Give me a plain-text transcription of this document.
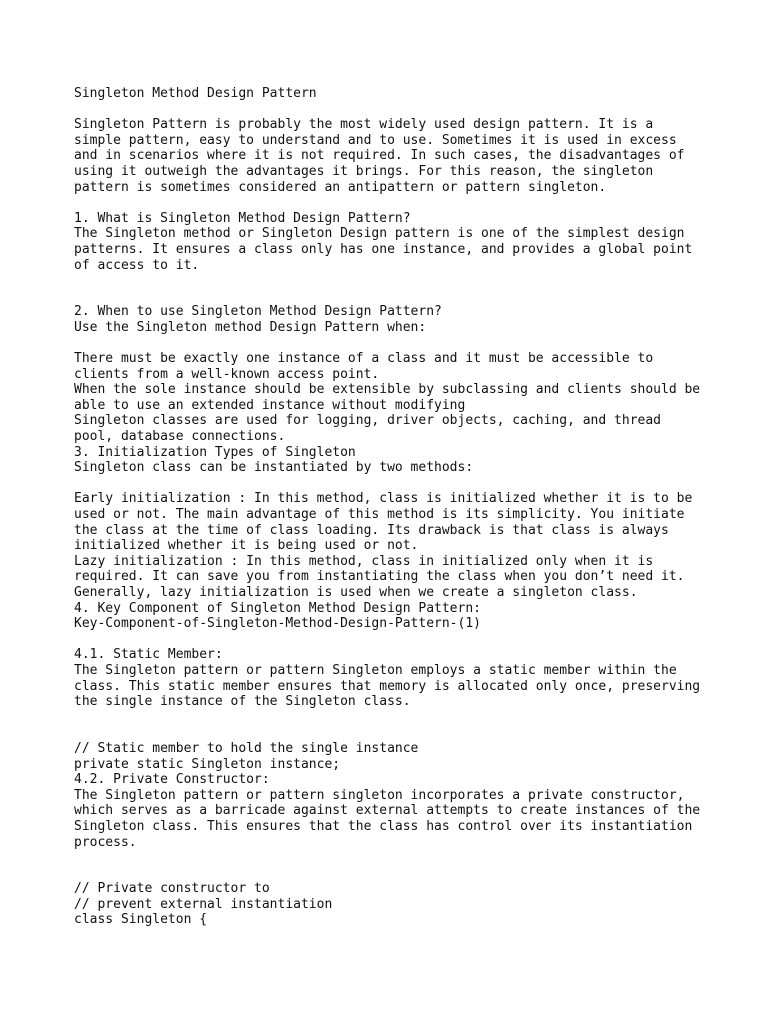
Singleton Method Design Pattern
Singleton Pattern is probably the most widely used design pattern. It is a
simple pattern, easy to understand and to use. Sometimes it is used in excess
and in scenarios where it is not required. In such cases, the disadvantages of
using it outweigh the advantages it brings. For this reason, the singleton
pattern is sometimes considered an antipattern or pattern singleton.
1. What is Singleton Method Design Pattern?
The Singleton method or Singleton Design pattern is one of the simplest design
patterns. It ensures a class only has one instance, and provides a global point
of access to it.
2. When to use Singleton Method Design Pattern?
Use the Singleton method Design Pattern when:
There must be exactly one instance of a class and it must be accessible to
clients from a well-known access point.
When the sole instance should be extensible by subclassing and clients should be
able to use an extended instance without modifying
Singleton classes are used for logging, driver objects, caching, and thread
pool, database connections.
3. Initialization Types of Singleton
Singleton class can be instantiated by two methods:
Early initialization : In this method, class is initialized whether it is to be
used or not. The main advantage of this method is its simplicity. You initiate
the class at the time of class loading. Its drawback is that class is always
initialized whether it is being used or not.
Lazy initialization : In this method, class in initialized only when it is
required. It can save you from instantiating the class when you don’t need it.
Generally, lazy initialization is used when we create a singleton class.
4. Key Component of Singleton Method Design Pattern:
Key-Component-of-Singleton-Method-Design-Pattern-(1)
4.1. Static Member:
The Singleton pattern or pattern Singleton employs a static member within the
class. This static member ensures that memory is allocated only once, preserving
the single instance of the Singleton class.
// Static member to hold the single instance
private static Singleton instance;
4.2. Private Constructor:
The Singleton pattern or pattern singleton incorporates a private constructor,
which serves as a barricade against external attempts to create instances of the
Singleton class. This ensures that the class has control over its instantiation
process.
// Private constructor to
// prevent external instantiation
class Singleton {
